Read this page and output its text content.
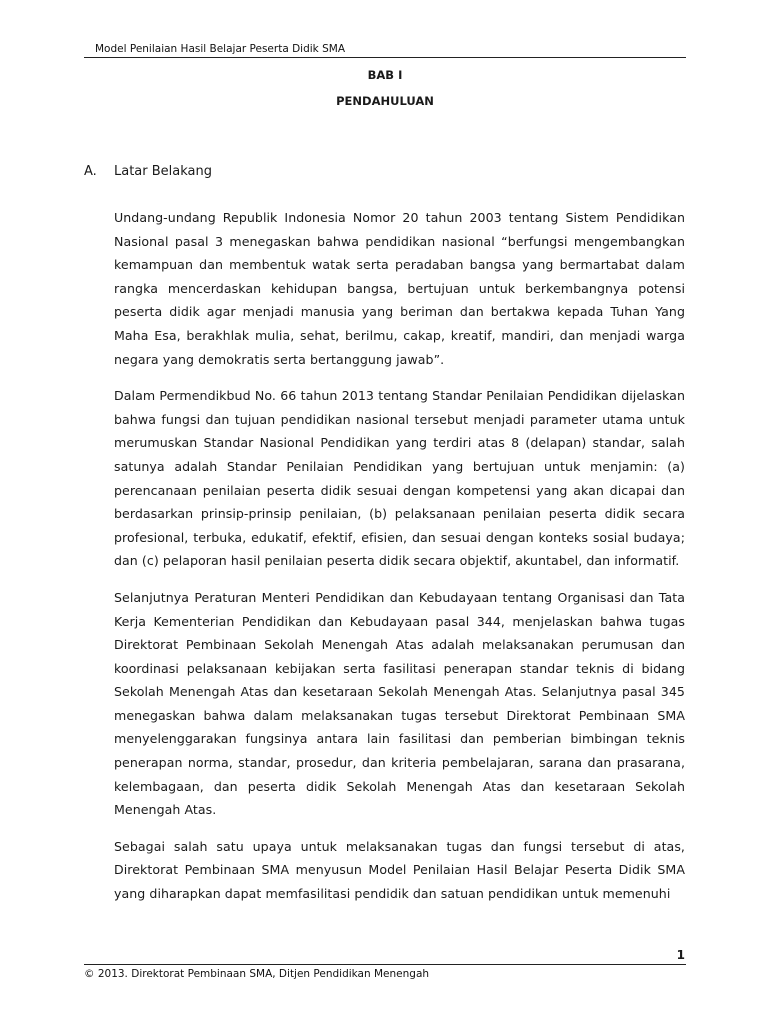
Model Penilaian Hasil Belajar Peserta Didik SMA
BAB I
PENDAHULUAN
A. Latar Belakang

Undang-undang Republik Indonesia Nomor 20 tahun 2003 tentang Sistem Pendidikan Nasional pasal 3 menegaskan bahwa pendidikan nasional “berfungsi mengembangkan kemampuan dan membentuk watak serta peradaban bangsa yang bermartabat dalam rangka mencerdaskan kehidupan bangsa, bertujuan untuk berkembangnya potensi peserta didik agar menjadi manusia yang beriman dan bertakwa kepada Tuhan Yang Maha Esa, berakhlak mulia, sehat, berilmu, cakap, kreatif, mandiri, dan menjadi warga negara yang demokratis serta bertanggung jawab”.

Dalam Permendikbud No. 66 tahun 2013 tentang Standar Penilaian Pendidikan dijelaskan bahwa fungsi dan tujuan pendidikan nasional tersebut menjadi parameter utama untuk merumuskan Standar Nasional Pendidikan yang terdiri atas 8 (delapan) standar, salah satunya adalah Standar Penilaian Pendidikan yang bertujuan untuk menjamin: (a) perencanaan penilaian peserta didik sesuai dengan kompetensi yang akan dicapai dan berdasarkan prinsip-prinsip penilaian, (b) pelaksanaan penilaian peserta didik secara profesional, terbuka, edukatif, efektif, efisien, dan sesuai dengan konteks sosial budaya; dan (c) pelaporan hasil penilaian peserta didik secara objektif, akuntabel, dan informatif.

Selanjutnya Peraturan Menteri Pendidikan dan Kebudayaan tentang Organisasi dan Tata Kerja Kementerian Pendidikan dan Kebudayaan pasal 344, menjelaskan bahwa tugas Direktorat Pembinaan Sekolah Menengah Atas adalah melaksanakan perumusan dan koordinasi pelaksanaan kebijakan serta fasilitasi penerapan standar teknis di bidang Sekolah Menengah Atas dan kesetaraan Sekolah Menengah Atas. Selanjutnya pasal 345 menegaskan bahwa dalam melaksanakan tugas tersebut Direktorat Pembinaan SMA menyelenggarakan fungsinya antara lain fasilitasi dan pemberian bimbingan teknis penerapan norma, standar, prosedur, dan kriteria pembelajaran, sarana dan prasarana, kelembagaan, dan peserta didik Sekolah Menengah Atas dan kesetaraan Sekolah Menengah Atas.

Sebagai salah satu upaya untuk melaksanakan tugas dan fungsi tersebut di atas, Direktorat Pembinaan SMA menyusun Model Penilaian Hasil Belajar Peserta Didik SMA yang diharapkan dapat memfasilitasi pendidik dan satuan pendidikan untuk memenuhi

1
© 2013. Direktorat Pembinaan SMA, Ditjen Pendidikan Menengah
